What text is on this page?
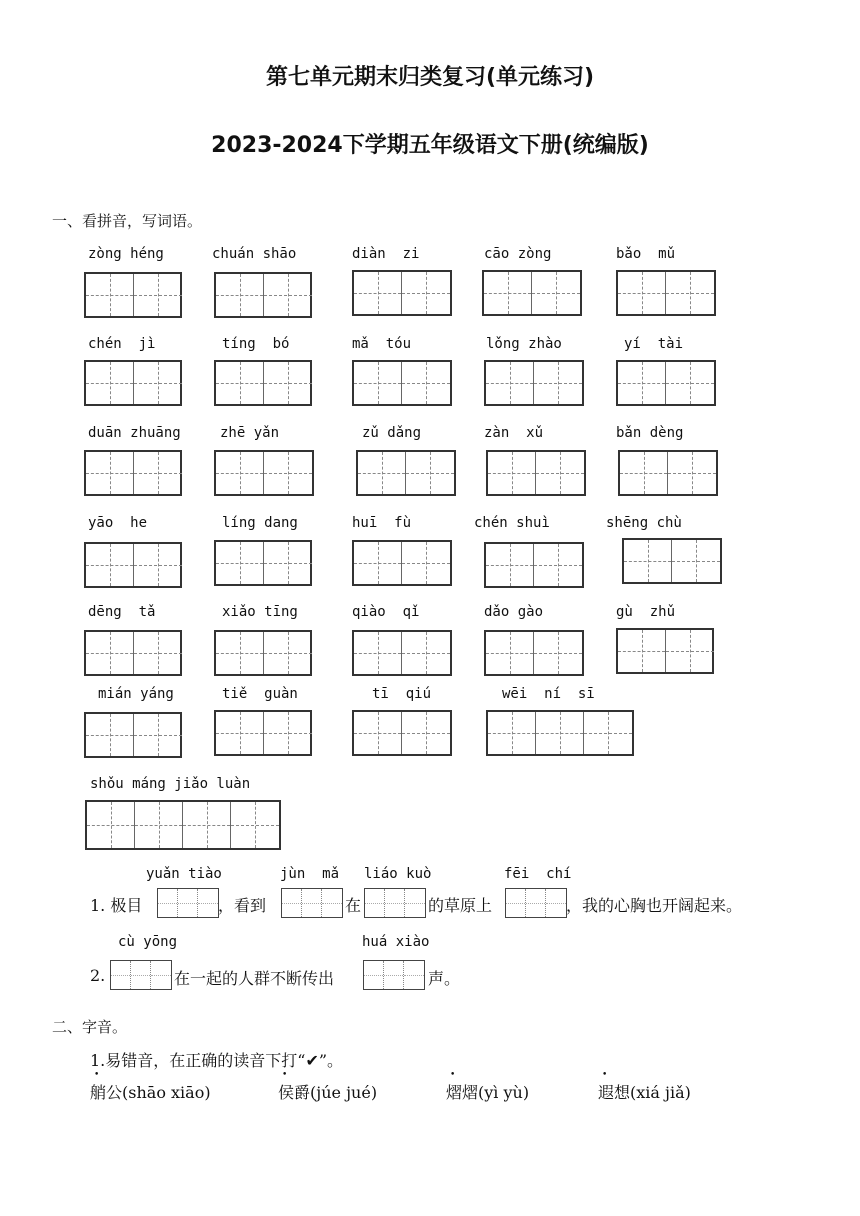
第七单元期末归类复习(单元练习)
2023-2024下学期五年级语文下册(统编版)
一、看拼音，写词语。
zòng héng	chuán shāo	diàn  zi	cāo zòng	bǎo  mǔ
chén  jì	tíng  bó	mǎ  tóu	lǒng zhào	yí  tài
duān zhuāng	zhē yǎn	zǔ dǎng	zàn  xǔ	bǎn dèng
yāo  he	líng dang	huī  fù	chén shuì	shēng chù
dēng  tǎ	xiǎo tīng	qiào  qǐ	dǎo gào	gù  zhǔ
mián yáng	tiě  guàn	tī  qiú	wēi  ní  sī
shǒu máng jiǎo luàn
yuǎn tiào	jùn  mǎ liáo kuò	fēi  chí
1. 极目	，看到	在	的草原上	，我的心胸也开阔起来。
cù yōng	huá xiào
2.	在一起的人群不断传出	声。
二、字音。
1.易错音，在正确的读音下打“✔”。
艄公(shāo xiāo)	侯爵(júe jué)	熠熠(yì yù)	遐想(xiá jiǎ)
